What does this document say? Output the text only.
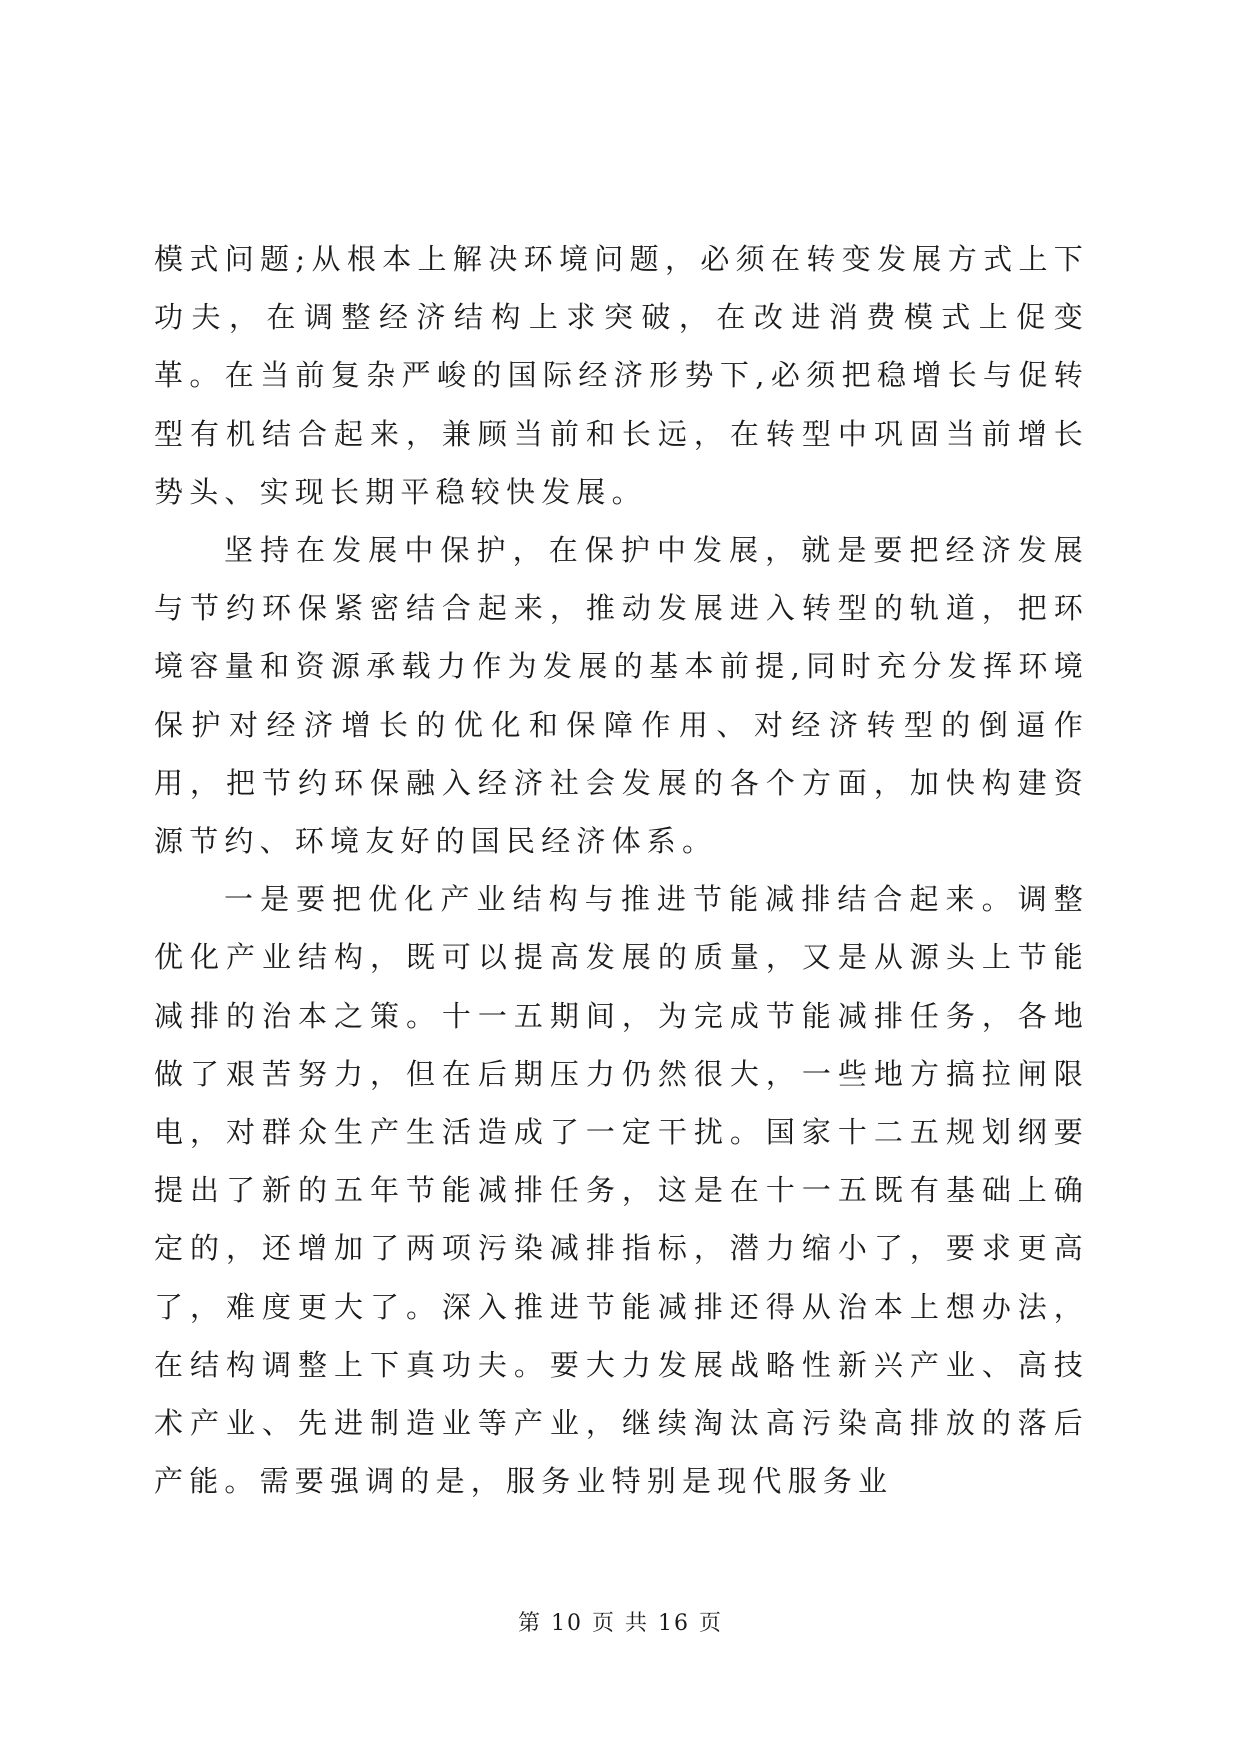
模式问题;从根本上解决环境问题，必须在转变发展方式上下功夫，在调整经济结构上求突破，在改进消费模式上促变革。在当前复杂严峻的国际经济形势下,必须把稳增长与促转型有机结合起来，兼顾当前和长远，在转型中巩固当前增长势头、实现长期平稳较快发展。

坚持在发展中保护，在保护中发展，就是要把经济发展与节约环保紧密结合起来，推动发展进入转型的轨道，把环境容量和资源承载力作为发展的基本前提,同时充分发挥环境保护对经济增长的优化和保障作用、对经济转型的倒逼作用，把节约环保融入经济社会发展的各个方面，加快构建资源节约、环境友好的国民经济体系。

一是要把优化产业结构与推进节能减排结合起来。调整优化产业结构，既可以提高发展的质量，又是从源头上节能减排的治本之策。十一五期间，为完成节能减排任务，各地做了艰苦努力，但在后期压力仍然很大，一些地方搞拉闸限电，对群众生产生活造成了一定干扰。国家十二五规划纲要提出了新的五年节能减排任务，这是在十一五既有基础上确定的，还增加了两项污染减排指标，潜力缩小了，要求更高了，难度更大了。深入推进节能减排还得从治本上想办法，在结构调整上下真功夫。要大力发展战略性新兴产业、高技术产业、先进制造业等产业，继续淘汰高污染高排放的落后产能。需要强调的是，服务业特别是现代服务业

第 10 页 共 16 页
